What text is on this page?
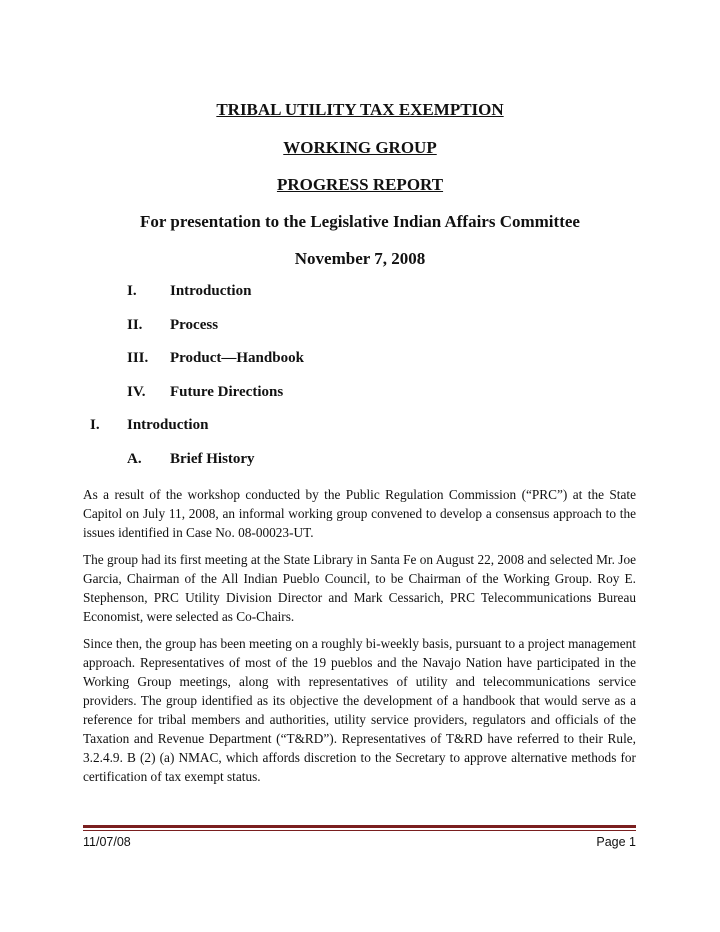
TRIBAL UTILITY TAX EXEMPTION
WORKING GROUP
PROGRESS REPORT
For presentation to the Legislative Indian Affairs Committee
November 7, 2008
I. Introduction
II. Process
III. Product—Handbook
IV. Future Directions
I. Introduction
A. Brief History

As a result of the workshop conducted by the Public Regulation Commission (“PRC”) at the State Capitol on July 11, 2008, an informal working group convened to develop a consensus approach to the issues identified in Case No. 08-00023-UT.

The group had its first meeting at the State Library in Santa Fe on August 22, 2008 and selected Mr. Joe Garcia, Chairman of the All Indian Pueblo Council, to be Chairman of the Working Group. Roy E. Stephenson, PRC Utility Division Director and Mark Cessarich, PRC Telecommunications Bureau Economist, were selected as Co-Chairs.

Since then, the group has been meeting on a roughly bi-weekly basis, pursuant to a project management approach. Representatives of most of the 19 pueblos and the Navajo Nation have participated in the Working Group meetings, along with representatives of utility and telecommunications service providers. The group identified as its objective the development of a handbook that would serve as a reference for tribal members and authorities, utility service providers, regulators and officials of the Taxation and Revenue Department (“T&RD”). Representatives of T&RD have referred to their Rule, 3.2.4.9. B (2) (a) NMAC, which affords discretion to the Secretary to approve alternative methods for certification of tax exempt status.

11/07/08	Page 1
